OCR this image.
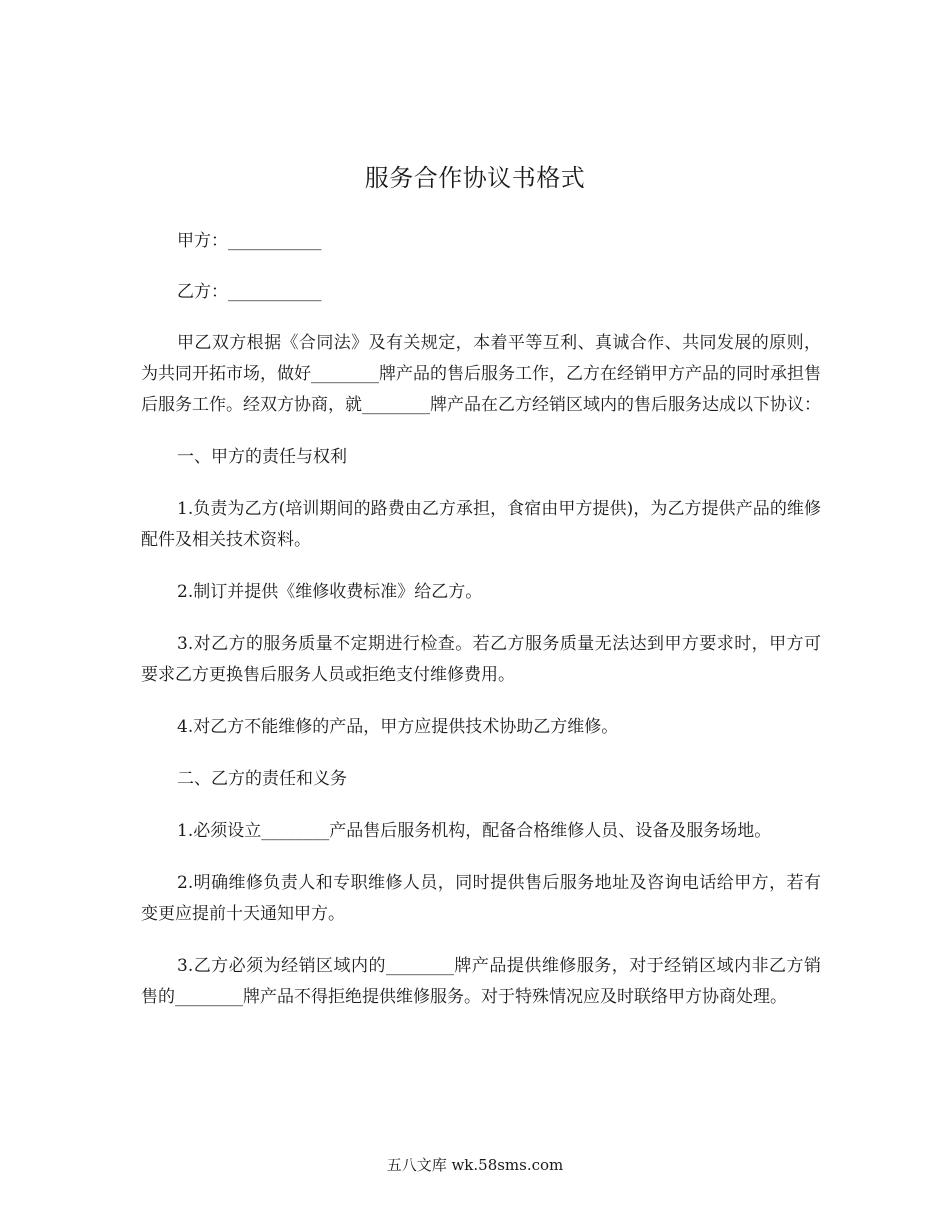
服务合作协议书格式

甲方：___________

乙方：___________

甲乙双方根据《合同法》及有关规定，本着平等互利、真诚合作、共同发展的原则，为共同开拓市场，做好________牌产品的售后服务工作，乙方在经销甲方产品的同时承担售后服务工作。经双方协商，就________牌产品在乙方经销区域内的售后服务达成以下协议：

一、甲方的责任与权利

1.负责为乙方(培训期间的路费由乙方承担，食宿由甲方提供)，为乙方提供产品的维修配件及相关技术资料。

2.制订并提供《维修收费标准》给乙方。

3.对乙方的服务质量不定期进行检查。若乙方服务质量无法达到甲方要求时，甲方可要求乙方更换售后服务人员或拒绝支付维修费用。

4.对乙方不能维修的产品，甲方应提供技术协助乙方维修。

二、乙方的责任和义务

1.必须设立________产品售后服务机构，配备合格维修人员、设备及服务场地。

2.明确维修负责人和专职维修人员，同时提供售后服务地址及咨询电话给甲方，若有变更应提前十天通知甲方。

3.乙方必须为经销区域内的________牌产品提供维修服务，对于经销区域内非乙方销售的________牌产品不得拒绝提供维修服务。对于特殊情况应及时联络甲方协商处理。

五八文库 wk.58sms.com
